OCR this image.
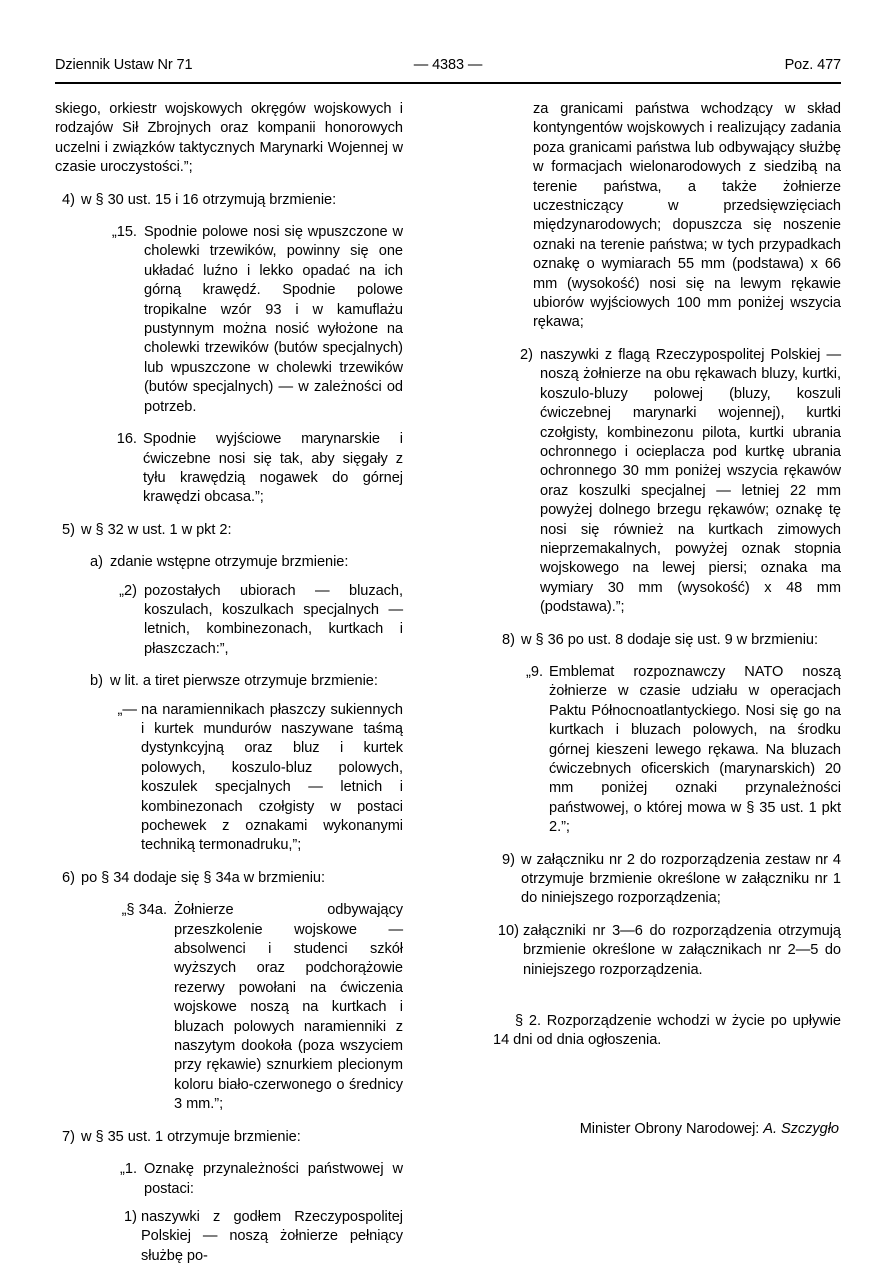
Dziennik Ustaw Nr 71	— 4383 —	Poz. 477

skiego, orkiestr wojskowych okręgów wojskowych i rodzajów Sił Zbrojnych oraz kompanii honorowych uczelni i związków taktycznych Marynarki Wojennej w czasie uroczystości.”;

4) w § 30 ust. 15 i 16 otrzymują brzmienie:
„15. Spodnie polowe nosi się wpuszczone w cholewki trzewików, powinny się one układać luźno i lekko opadać na ich górną krawędź. Spodnie polowe tropikalne wzór 93 i w kamuflażu pustynnym można nosić wyłożone na cholewki trzewików (butów specjalnych) lub wpuszczone w cholewki trzewików (butów specjalnych) — w zależności od potrzeb.
16. Spodnie wyjściowe marynarskie i ćwiczebne nosi się tak, aby sięgały z tyłu krawędzią nogawek do górnej krawędzi obcasa.”;
5) w § 32 w ust. 1 w pkt 2:
a) zdanie wstępne otrzymuje brzmienie:
„2) pozostałych ubiorach — bluzach, koszulach, koszulkach specjalnych — letnich, kombinezonach, kurtkach i płaszczach:”,
b) w lit. a tiret pierwsze otrzymuje brzmienie:
„— na naramiennikach płaszczy sukiennych i kurtek mundurów naszywane taśmą dystynkcyjną oraz bluz i kurtek polowych, koszulo-bluz polowych, koszulek specjalnych — letnich i kombinezonach czołgisty w postaci pochewek z oznakami wykonanymi techniką termonadruku,”;
6) po § 34 dodaje się § 34a w brzmieniu:
„§ 34a. Żołnierze odbywający przeszkolenie wojskowe — absolwenci i studenci szkół wyższych oraz podchorążowie rezerwy powołani na ćwiczenia wojskowe noszą na kurtkach i bluzach polowych naramienniki z naszytym dookoła (poza wszyciem przy rękawie) sznurkiem plecionym koloru biało-czerwonego o średnicy 3 mm.”;
7) w § 35 ust. 1 otrzymuje brzmienie:
„1. Oznakę przynależności państwowej w postaci:
1) naszywki z godłem Rzeczypospolitej Polskiej — noszą żołnierze pełniący służbę po-

za granicami państwa wchodzący w skład kontyngentów wojskowych i realizujący zadania poza granicami państwa lub odbywający służbę w formacjach wielonarodowych z siedzibą na terenie państwa, a także żołnierze uczestniczący w przedsięwzięciach międzynarodowych; dopuszcza się noszenie oznaki na terenie państwa; w tych przypadkach oznakę o wymiarach 55 mm (podstawa) x 66 mm (wysokość) nosi się na lewym rękawie ubiorów wyjściowych 100 mm poniżej wszycia rękawa;

2) naszywki z flagą Rzeczypospolitej Polskiej — noszą żołnierze na obu rękawach bluzy, kurtki, koszulo-bluzy polowej (bluzy, koszuli ćwiczebnej marynarki wojennej), kurtki czołgisty, kombinezonu pilota, kurtki ubrania ochronnego i ocieplacza pod kurtkę ubrania ochronnego 30 mm poniżej wszycia rękawów oraz koszulki specjalnej — letniej 22 mm powyżej dolnego brzegu rękawów; oznakę tę nosi się również na kurtkach zimowych nieprzemakalnych, powyżej oznak stopnia wojskowego na lewej piersi; oznaka ma wymiary 30 mm (wysokość) x 48 mm (podstawa).”;
8) w § 36 po ust. 8 dodaje się ust. 9 w brzmieniu:
„9. Emblemat rozpoznawczy NATO noszą żołnierze w czasie udziału w operacjach Paktu Północnoatlantyckiego. Nosi się go na kurtkach i bluzach polowych, na środku górnej kieszeni lewego rękawa. Na bluzach ćwiczebnych oficerskich (marynarskich) 20 mm poniżej oznaki przynależności państwowej, o której mowa w § 35 ust. 1 pkt 2.”;
9) w załączniku nr 2 do rozporządzenia zestaw nr 4 otrzymuje brzmienie określone w załączniku nr 1 do niniejszego rozporządzenia;
10) załączniki nr 3—6 do rozporządzenia otrzymują brzmienie określone w załącznikach nr 2—5 do niniejszego rozporządzenia.

§ 2. Rozporządzenie wchodzi w życie po upływie 14 dni od dnia ogłoszenia.

Minister Obrony Narodowej: A. Szczygło
